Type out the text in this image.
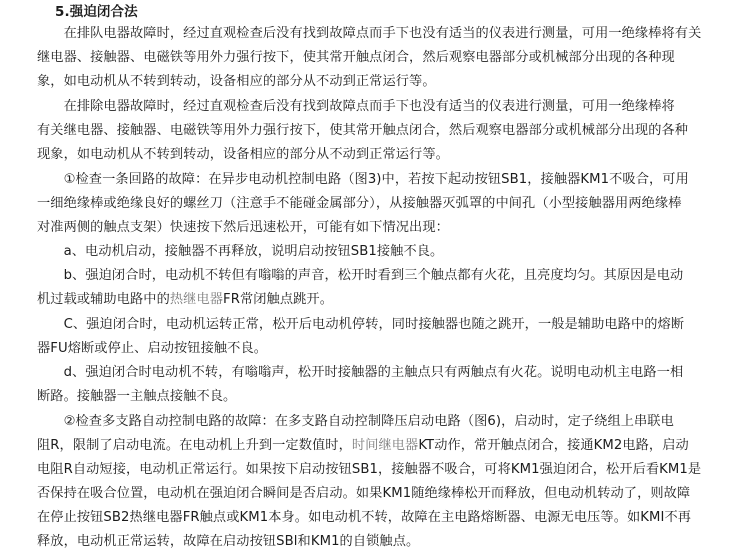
5.强迫闭合法
　　在排队电器故障时，经过直观检查后没有找到故障点而手下也没有适当的仪表进行测量，可用一绝缘棒将有关
继电器、接触器、电磁铁等用外力强行按下，使其常开触点闭合，然后观察电器部分或机械部分出现的各种现
象，如电动机从不转到转动，设备相应的部分从不动到正常运行等。
　　在排除电器故障时，经过直观检查后没有找到故障点而手下也没有适当的仪表进行测量，可用一绝缘棒将
有关继电器、接触器、电磁铁等用外力强行按下，使其常开触点闭合，然后观察电器部分或机械部分出现的各种
现象，如电动机从不转到转动，设备相应的部分从不动到正常运行等。
　　①检查一条回路的故障：在异步电动机控制电路（图3)中，若按下起动按钮SB1，接触器KM1不吸合，可用
一细绝缘棒或绝缘良好的螺丝刀（注意手不能碰金属部分），从接触器灭弧罩的中间孔（小型接触器用两绝缘棒
对准两侧的触点支架）快速按下然后迅速松开，可能有如下情况出现：
　　a、电动机启动，接触器不再释放，说明启动按钮SB1接触不良。
　　b、强迫闭合时，电动机不转但有嗡嗡的声音，松开时看到三个触点都有火花，且亮度均匀。其原因是电动
机过载或辅助电路中的热继电器FR常闭触点跳开。
　　C、强迫闭合时，电动机运转正常，松开后电动机停转，同时接触器也随之跳开，一般是辅助电路中的熔断
器FU熔断或停止、启动按钮接触不良。
　　d、强迫闭合时电动机不转，有嗡嗡声，松开时接触器的主触点只有两触点有火花。说明电动机主电路一相
断路。接触器一主触点接触不良。
　　②检查多支路自动控制电路的故障：在多支路自动控制降压启动电路（图6)，启动时，定子绕组上串联电
阻R，限制了启动电流。在电动机上升到一定数值时，时间继电器KT动作，常开触点闭合，接通KM2电路，启动
电阻R自动短接，电动机正常运行。如果按下启动按钮SB1，接触器不吸合，可将KM1强迫闭合，松开后看KM1是
否保持在吸合位置，电动机在强迫闭合瞬间是否启动。如果KM1随绝缘棒松开而释放，但电动机转动了，则故障
在停止按钮SB2热继电器FR触点或KM1本身。如电动机不转，故障在主电路熔断器、电源无电压等。如KMI不再
释放，电动机正常运转，故障在启动按钮SBl和KM1的自锁触点。
